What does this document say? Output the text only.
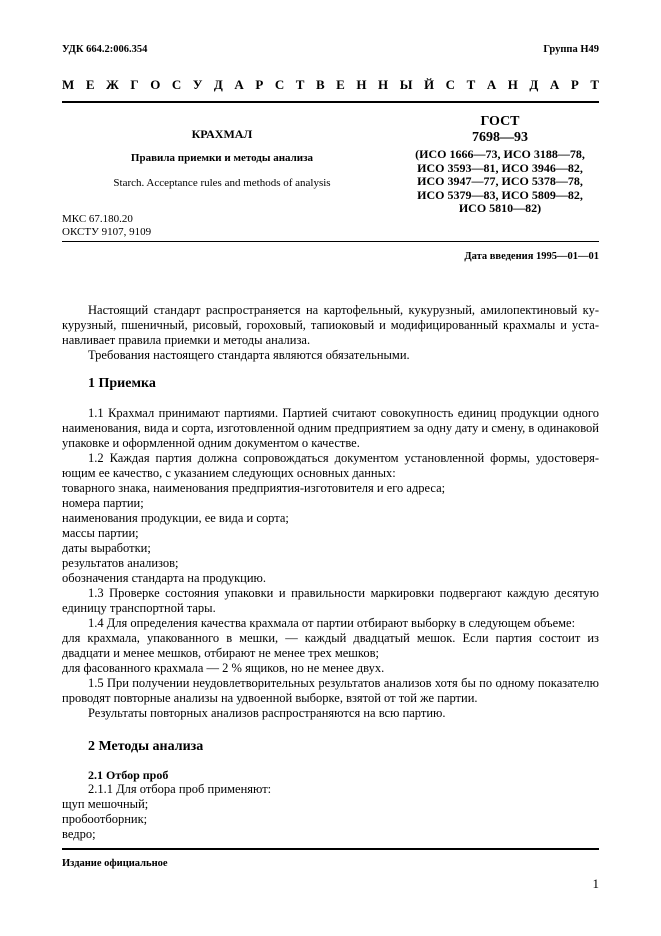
УДК 664.2:006.354	Группа Н49
М Е Ж Г О С У Д А Р С Т В Е Н Н Ы Й С Т А Н Д А Р Т
КРАХМАЛ
Правила приемки и методы анализа
Starch. Acceptance rules and methods of analysis
ГОСТ
7698—93
(ИСО 1666—73, ИСО 3188—78,
ИСО 3593—81, ИСО 3946—82,
ИСО 3947—77, ИСО 5378—78,
ИСО 5379—83, ИСО 5809—82,
ИСО 5810—82)
МКС 67.180.20
ОКСТУ 9107, 9109
Дата введения 1995—01—01
Настоящий стандарт распространяется на картофельный, кукурузный, амилопектиновый ку-
курузный, пшеничный, рисовый, гороховый, тапиоковый и модифицированный крахмалы и уста-
навливает правила приемки и методы анализа.
Требования настоящего стандарта являются обязательными.
1 Приемка
1.1 Крахмал принимают партиями. Партией считают совокупность единиц продукции одного
наименования, вида и сорта, изготовленной одним предприятием за одну дату и смену, в одинаковой
упаковке и оформленной одним документом о качестве.
1.2 Каждая партия должна сопровождаться документом установленной формы, удостоверя-
ющим ее качество, с указанием следующих основных данных:
товарного знака, наименования предприятия-изготовителя и его адреса;
номера партии;
наименования продукции, ее вида и сорта;
массы партии;
даты выработки;
результатов анализов;
обозначения стандарта на продукцию.
1.3 Проверке состояния упаковки и правильности маркировки подвергают каждую десятую
единицу транспортной тары.
1.4 Для определения качества крахмала от партии отбирают выборку в следующем объеме:
для крахмала, упакованного в мешки, — каждый двадцатый мешок. Если партия состоит из
двадцати и менее мешков, отбирают не менее трех мешков;
для фасованного крахмала — 2 % ящиков, но не менее двух.
1.5 При получении неудовлетворительных результатов анализов хотя бы по одному показателю
проводят повторные анализы на удвоенной выборке, взятой от той же партии.
Результаты повторных анализов распространяются на всю партию.
2 Методы анализа
2.1 Отбор проб
2.1.1 Для отбора проб применяют:
щуп мешочный;
пробоотборник;
ведро;
Издание официальное
1
